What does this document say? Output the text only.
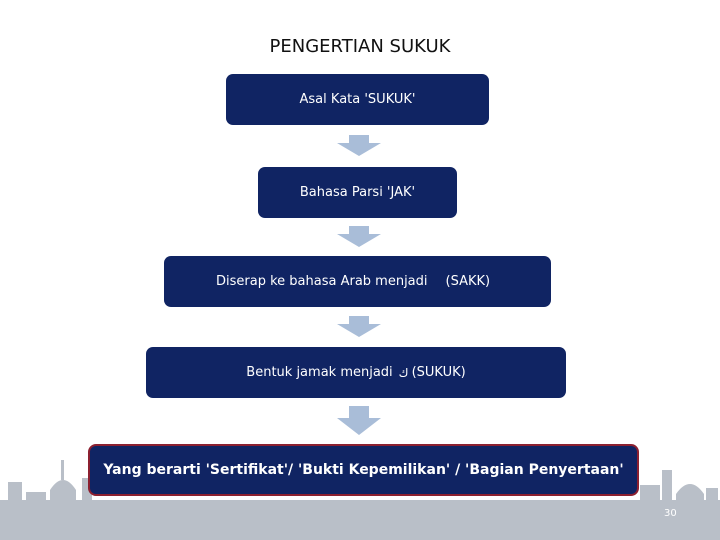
PENGERTIAN SUKUK
Asal Kata 'SUKUK'
Bahasa Parsi 'JAK'
Diserap ke bahasa Arab menjadi (SAKK)
Bentuk jamak menjadi ك (SUKUK)
Yang berarti 'Sertifikat'/ 'Bukti Kepemilikan' / 'Bagian Penyertaan'
30
